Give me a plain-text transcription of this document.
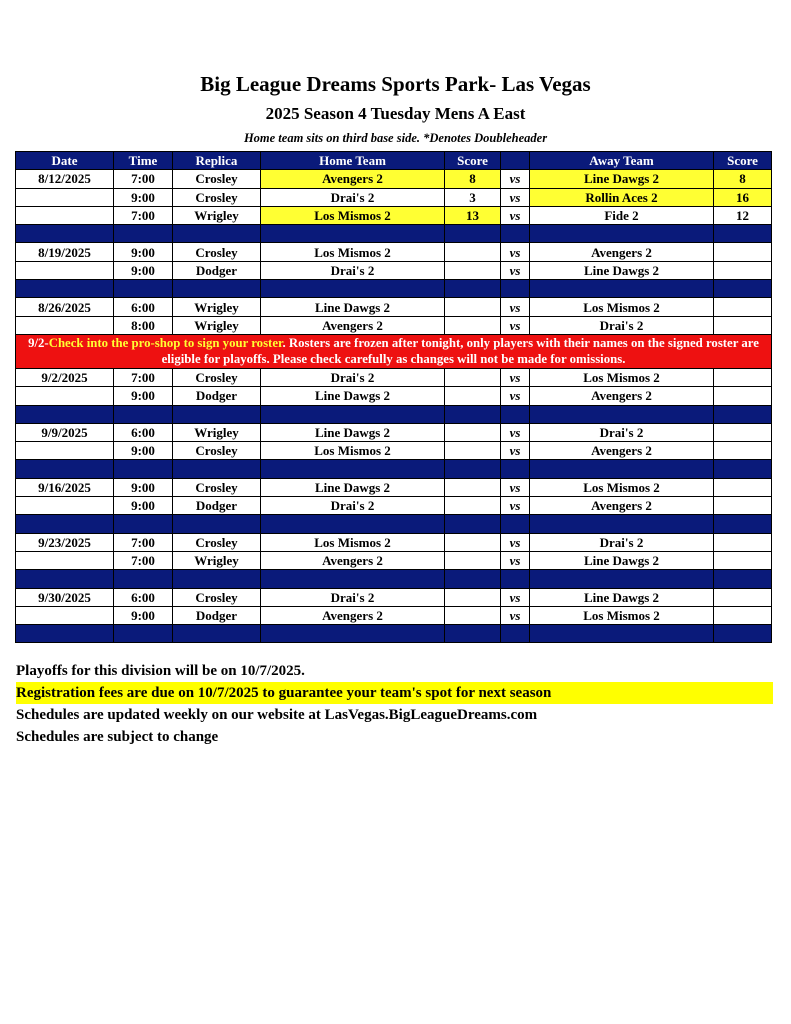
Big League Dreams Sports Park- Las Vegas
2025 Season 4 Tuesday Mens A East
Home team sits on third base side. *Denotes Doubleheader
Date	Time	Replica	Home Team	Score		Away Team	Score
8/12/2025	7:00	Crosley	Avengers 2	8	vs	Line Dawgs 2	8
	9:00	Crosley	Drai's 2	3	vs	Rollin Aces 2	16
	7:00	Wrigley	Los Mismos 2	13	vs	Fide 2	12

8/19/2025	9:00	Crosley	Los Mismos 2		vs	Avengers 2	
	9:00	Dodger	Drai's 2		vs	Line Dawgs 2	

8/26/2025	6:00	Wrigley	Line Dawgs 2		vs	Los Mismos 2	
	8:00	Wrigley	Avengers 2		vs	Drai's 2	
9/2-Check into the pro-shop to sign your roster. Rosters are frozen after tonight, only players with their names on the signed roster are eligible for playoffs. Please check carefully as changes will not be made for omissions.							
9/2/2025	7:00	Crosley	Drai's 2		vs	Los Mismos 2	
	9:00	Dodger	Line Dawgs 2		vs	Avengers 2	

9/9/2025	6:00	Wrigley	Line Dawgs 2		vs	Drai's 2	
	9:00	Crosley	Los Mismos 2		vs	Avengers 2	

9/16/2025	9:00	Crosley	Line Dawgs 2		vs	Los Mismos 2	
	9:00	Dodger	Drai's 2		vs	Avengers 2	

9/23/2025	7:00	Crosley	Los Mismos 2		vs	Drai's 2	
	7:00	Wrigley	Avengers 2		vs	Line Dawgs 2	

9/30/2025	6:00	Crosley	Drai's 2		vs	Line Dawgs 2	
	9:00	Dodger	Avengers 2		vs	Los Mismos 2	

Playoffs for this division will be on 10/7/2025.
Registration fees are due on 10/7/2025 to guarantee your team's spot for next season
Schedules are updated weekly on our website at LasVegas.BigLeagueDreams.com
Schedules are subject to change
